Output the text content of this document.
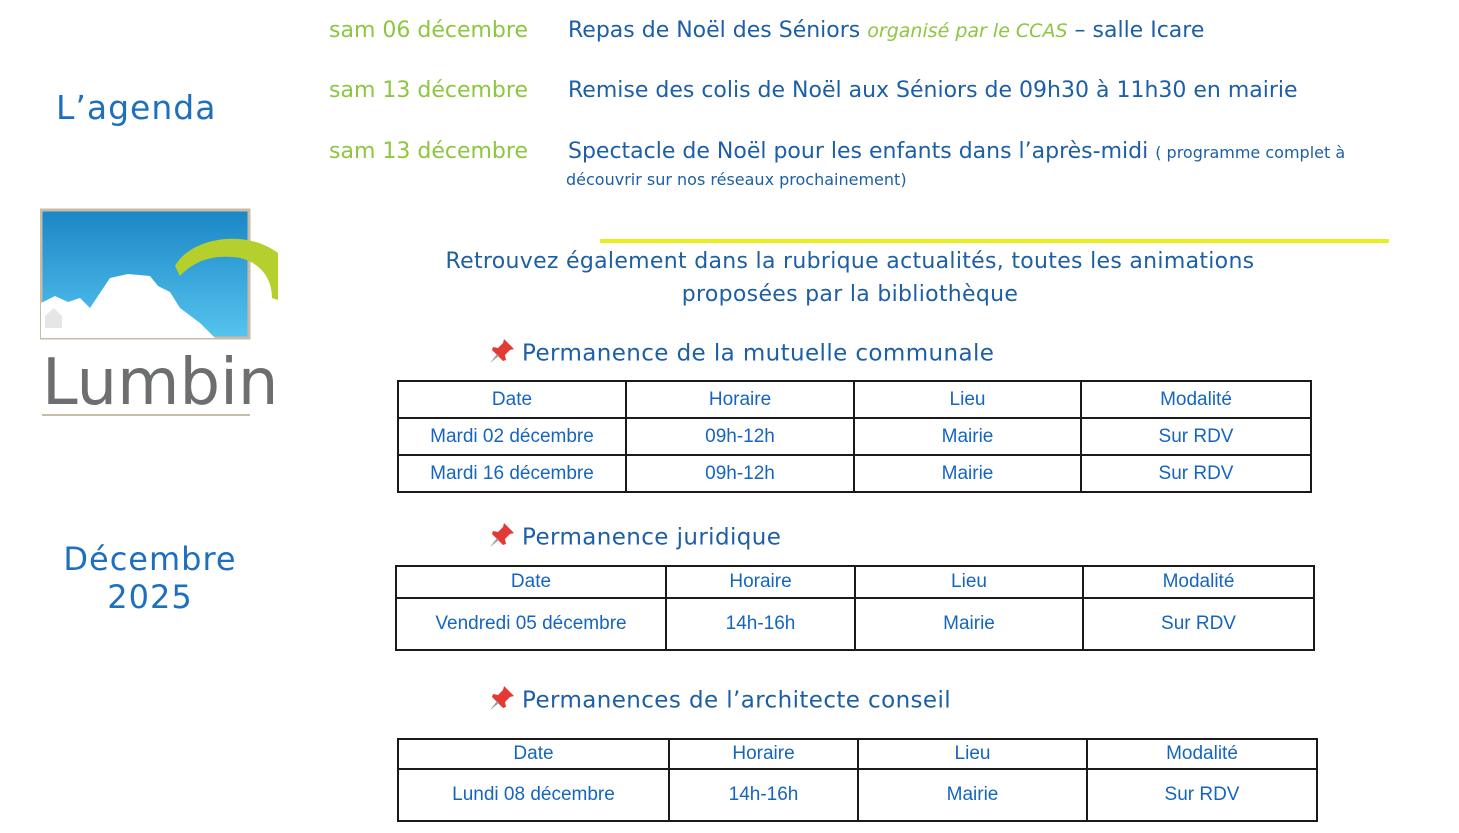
L’agenda
Lumbin
Décembre
2025
sam 06 décembre Repas de Noël des Séniors organisé par le CCAS – salle Icare
sam 13 décembre Remise des colis de Noël aux Séniors de 09h30 à 11h30 en mairie
sam 13 décembre Spectacle de Noël pour les enfants dans l’après-midi ( programme complet à
découvrir sur nos réseaux prochainement)
Retrouvez également dans la rubrique actualités, toutes les animations
proposées par la bibliothèque
Permanence de la mutuelle communale
Date	Horaire	Lieu	Modalité
Mardi 02 décembre	09h-12h	Mairie	Sur RDV
Mardi 16 décembre	09h-12h	Mairie	Sur RDV
Permanence juridique
Date	Horaire	Lieu	Modalité
Vendredi 05 décembre	14h-16h	Mairie	Sur RDV
Permanences de l’architecte conseil
Date	Horaire	Lieu	Modalité
Lundi 08 décembre	14h-16h	Mairie	Sur RDV
